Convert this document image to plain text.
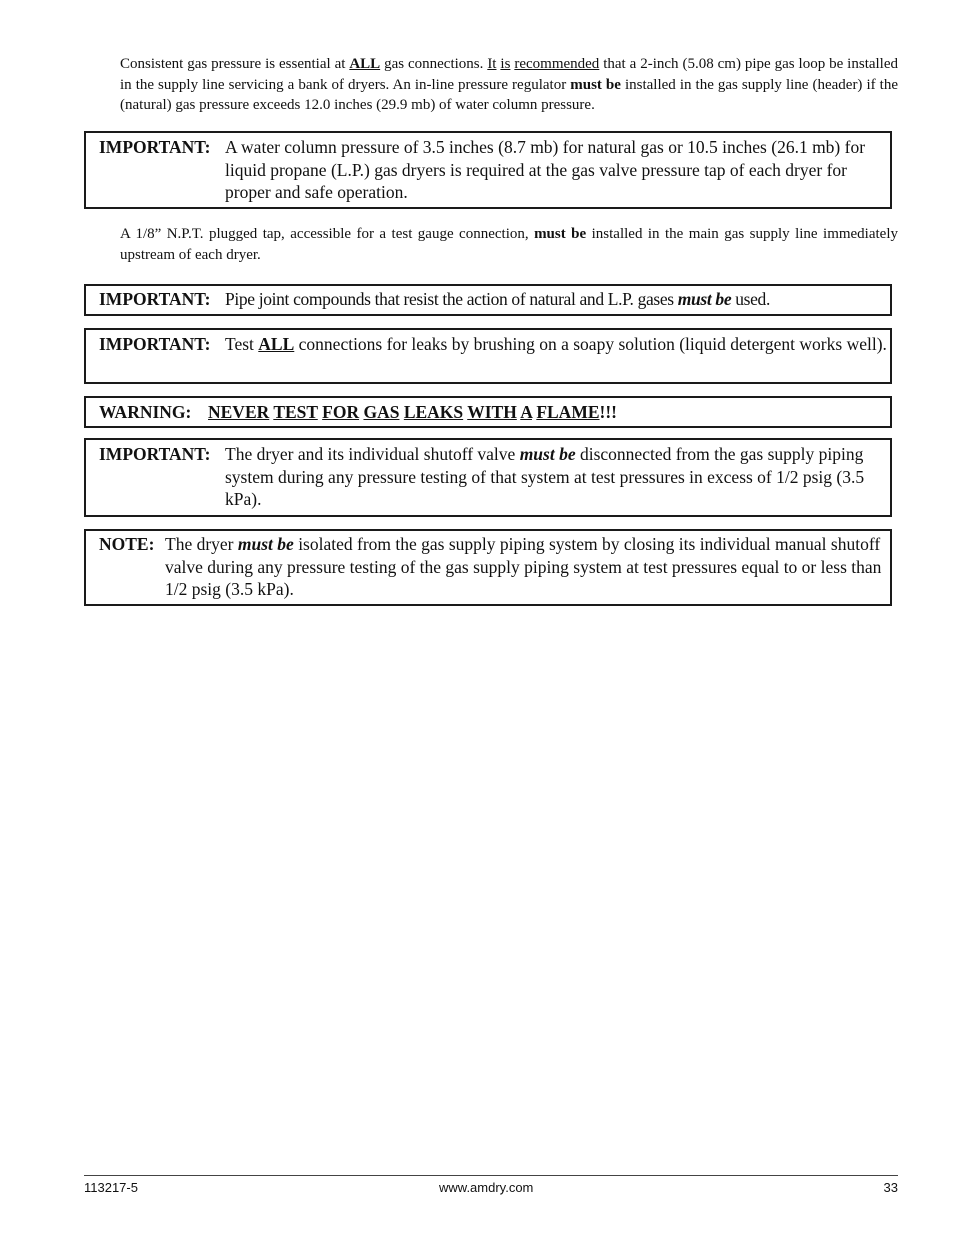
Consistent gas pressure is essential at ALL gas connections. It is recommended that a 2-inch (5.08 cm) pipe gas loop be installed in the supply line servicing a bank of dryers. An in-line pressure regulator must be installed in the gas supply line (header) if the (natural) gas pressure exceeds 12.0 inches (29.9 mb) of water column pressure.
IMPORTANT: A water column pressure of 3.5 inches (8.7 mb) for natural gas or 10.5 inches (26.1 mb) for liquid propane (L.P.) gas dryers is required at the gas valve pressure tap of each dryer for proper and safe operation.
A 1/8” N.P.T. plugged tap, accessible for a test gauge connection, must be installed in the main gas supply line immediately upstream of each dryer.
IMPORTANT: Pipe joint compounds that resist the action of natural and L.P. gases must be used.
IMPORTANT: Test ALL connections for leaks by brushing on a soapy solution (liquid detergent works well).
WARNING: NEVER TEST FOR GAS LEAKS WITH A FLAME!!!
IMPORTANT: The dryer and its individual shutoff valve must be disconnected from the gas supply piping system during any pressure testing of that system at test pressures in excess of 1/2 psig (3.5 kPa).
NOTE: The dryer must be isolated from the gas supply piping system by closing its individual manual shutoff valve during any pressure testing of the gas supply piping system at test pressures equal to or less than 1/2 psig (3.5 kPa).
113217-5	www.amdry.com	33
